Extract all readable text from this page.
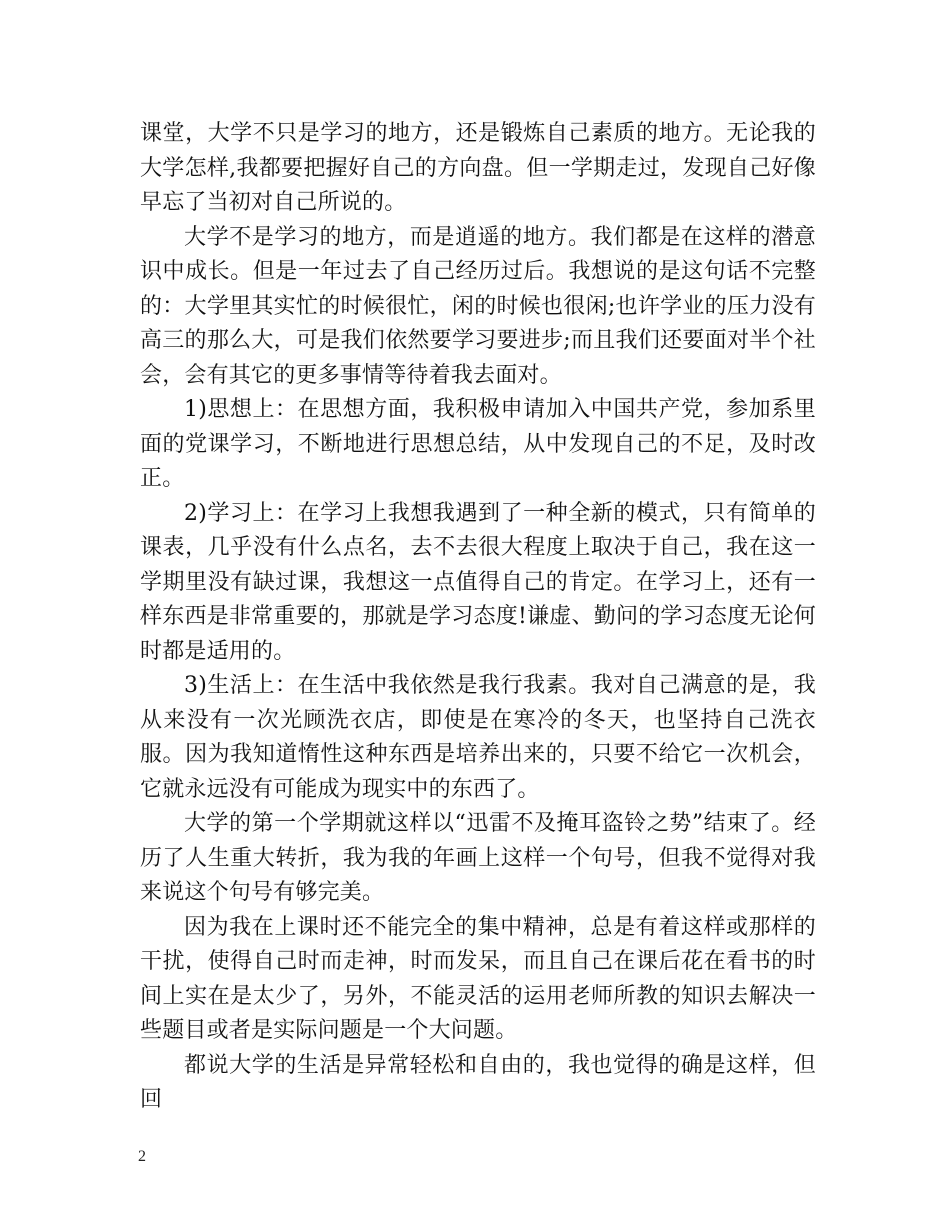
课堂，大学不只是学习的地方，还是锻炼自己素质的地方。无论我的大学怎样,我都要把握好自己的方向盘。但一学期走过，发现自己好像早忘了当初对自己所说的。

大学不是学习的地方，而是逍遥的地方。我们都是在这样的潜意识中成长。但是一年过去了自己经历过后。我想说的是这句话不完整的：大学里其实忙的时候很忙，闲的时候也很闲;也许学业的压力没有高三的那么大，可是我们依然要学习要进步;而且我们还要面对半个社会，会有其它的更多事情等待着我去面对。

1)思想上：在思想方面，我积极申请加入中国共产党，参加系里面的党课学习，不断地进行思想总结，从中发现自己的不足，及时改正。

2)学习上：在学习上我想我遇到了一种全新的模式，只有简单的课表，几乎没有什么点名，去不去很大程度上取决于自己，我在这一学期里没有缺过课，我想这一点值得自己的肯定。在学习上，还有一样东西是非常重要的，那就是学习态度!谦虚、勤问的学习态度无论何时都是适用的。

3)生活上：在生活中我依然是我行我素。我对自己满意的是，我从来没有一次光顾洗衣店，即使是在寒冷的冬天，也坚持自己洗衣服。因为我知道惰性这种东西是培养出来的，只要不给它一次机会，它就永远没有可能成为现实中的东西了。

大学的第一个学期就这样以“迅雷不及掩耳盗铃之势”结束了。经历了人生重大转折，我为我的年画上这样一个句号，但我不觉得对我来说这个句号有够完美。

因为我在上课时还不能完全的集中精神，总是有着这样或那样的干扰，使得自己时而走神，时而发呆，而且自己在课后花在看书的时间上实在是太少了，另外，不能灵活的运用老师所教的知识去解决一些题目或者是实际问题是一个大问题。

都说大学的生活是异常轻松和自由的，我也觉得的确是这样，但回

2
